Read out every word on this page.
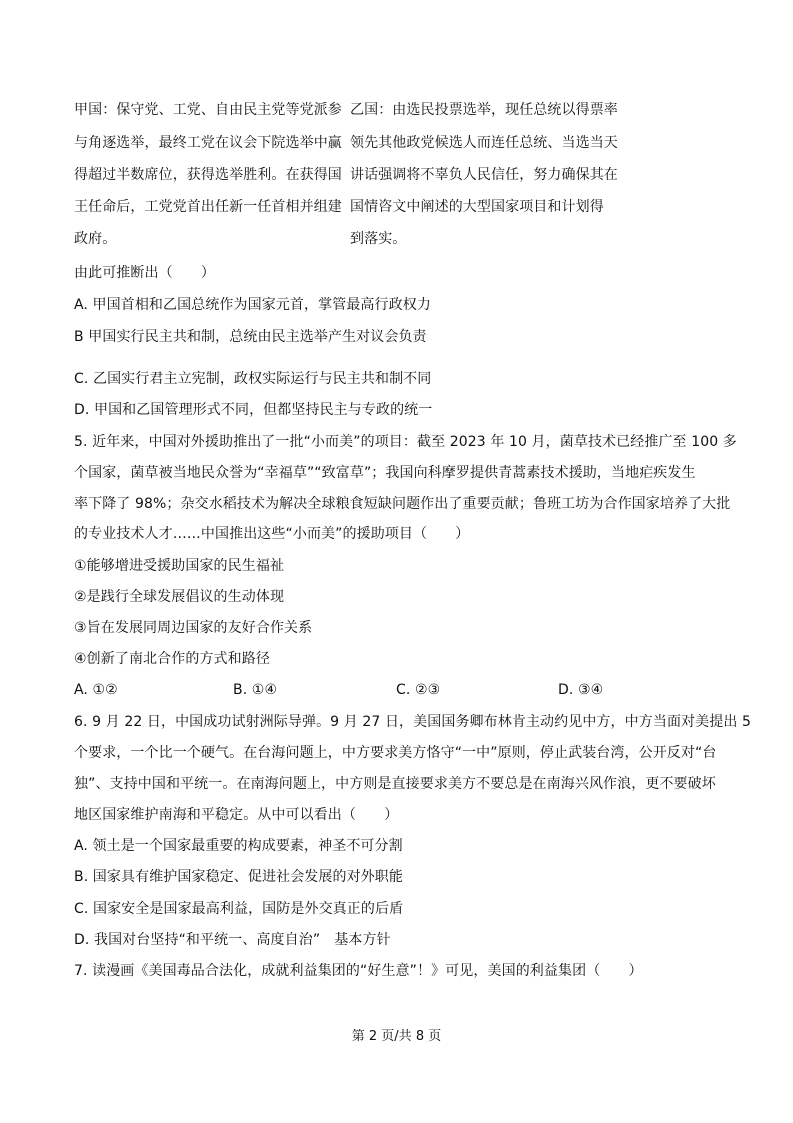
甲国：保守党、工党、自由民主党等党派参
与角逐选举，最终工党在议会下院选举中赢
得超过半数席位，获得选举胜利。在获得国
王任命后，工党党首出任新一任首相并组建
政府。
乙国：由选民投票选举，现任总统以得票率
领先其他政党候选人而连任总统、当选当天
讲话强调将不辜负人民信任，努力确保其在
国情咨文中阐述的大型国家项目和计划得
到落实。
由此可推断出（　　）
A. 甲国首相和乙国总统作为国家元首，掌管最高行政权力
B 甲国实行民主共和制，总统由民主选举产生对议会负责
C. 乙国实行君主立宪制，政权实际运行与民主共和制不同
D. 甲国和乙国管理形式不同，但都坚持民主与专政的统一
5. 近年来，中国对外援助推出了一批“小而美”的项目：截至 2023 年 10 月，菌草技术已经推广至 100 多
个国家，菌草被当地民众誉为“幸福草”“致富草”；我国向科摩罗提供青蒿素技术援助，当地疟疾发生
率下降了 98%；杂交水稻技术为解决全球粮食短缺问题作出了重要贡献；鲁班工坊为合作国家培养了大批
的专业技术人才……中国推出这些“小而美”的援助项目（　　）
①能够增进受援助国家的民生福祉
②是践行全球发展倡议的生动体现
③旨在发展同周边国家的友好合作关系
④创新了南北合作的方式和路径
A. ①②	B. ①④	C. ②③	D. ③④
6. 9 月 22 日，中国成功试射洲际导弹。9 月 27 日，美国国务卿布林肯主动约见中方，中方当面对美提出 5
个要求，一个比一个硬气。在台海问题上，中方要求美方恪守“一中”原则，停止武装台湾，公开反对“台
独”、支持中国和平统一。在南海问题上，中方则是直接要求美方不要总是在南海兴风作浪，更不要破坏
地区国家维护南海和平稳定。从中可以看出（　　）
A. 领土是一个国家最重要的构成要素，神圣不可分割
B. 国家具有维护国家稳定、促进社会发展的对外职能
C. 国家安全是国家最高利益，国防是外交真正的后盾
D. 我国对台坚持“和平统一、高度自治”　基本方针
7. 读漫画《美国毒品合法化，成就利益集团的“好生意”！》可见，美国的利益集团（　　）
第 2 页/共 8 页
